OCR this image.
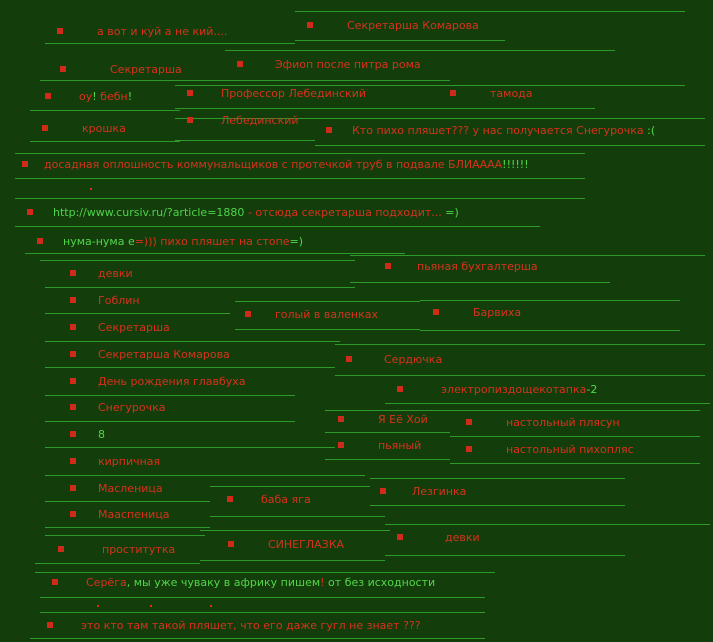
а вот и куй а не кий....	Секретарша Комарова
Секретарша	Эфиоп после питра рома
оу! бебн!	Профессор Лебединский	тамода
крошка
Лебединский
Кто пихо пляшет??? у нас получается Снегурочка :(
досадная оплошность коммунальщиков с протечкой труб в подвале БЛИАААА!!!!!!
http://www.cursiv.ru/?article=1880 - отсюда секретарша подходит... =)
нума-нума е=))) пихо пляшет на стопе=)
пьяная бухгалтерша
девки
Гоблин
голый в валенках	Барвиха
Секретарша
Сердючка
Секретарша Комарова
электропиздощекотапка-2
День рождения главбуха
Я Её Хой	настольный плясун
Снегурочка
пьяный	настольный пихопляс
8
кирпичная
Масленица	Лезгинка
баба яга
Мааспеница
девки
проститутка	СИНЕГЛАЗКА
Серёга, мы уже чуваку в африку пишем! от без исходности
это кто там такой пляшет, что его даже гугл не знает ???
